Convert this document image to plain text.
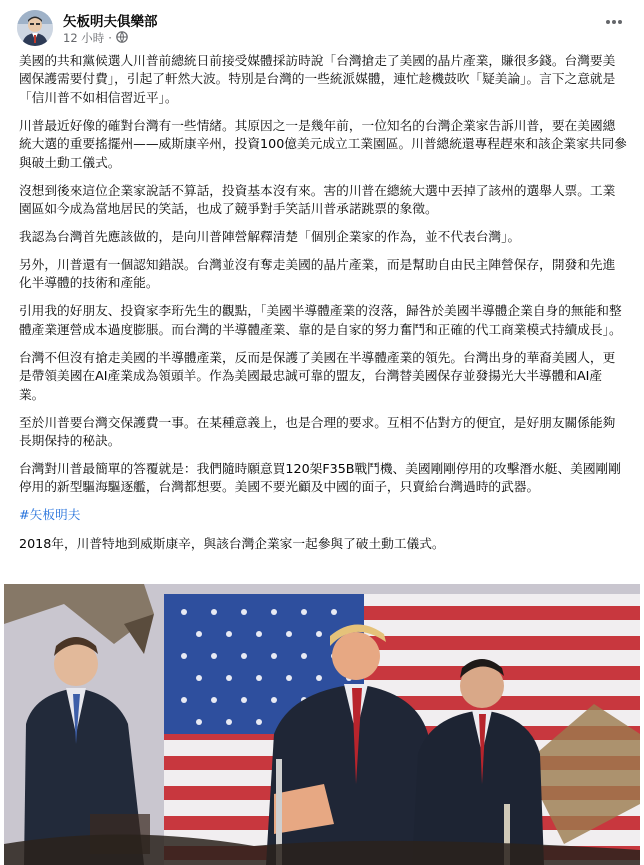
矢板明夫俱樂部
12 小時 ·

美國的共和黨候選人川普前總統日前接受媒體採訪時說「台灣搶走了美國的晶片產業，賺很多錢。台灣要美國保護需要付費」，引起了軒然大波。特別是台灣的一些統派媒體，連忙趁機鼓吹「疑美論」。言下之意就是「信川普不如相信習近平」。

川普最近好像的確對台灣有一些情緒。其原因之一是幾年前，一位知名的台灣企業家告訴川普，要在美國總統大選的重要搖擺州——威斯康辛州，投資100億美元成立工業園區。川普總統還專程趕來和該企業家共同參與破土動工儀式。

沒想到後來這位企業家說話不算話，投資基本沒有來。害的川普在總統大選中丟掉了該州的選舉人票。工業園區如今成為當地居民的笑話，也成了競爭對手笑話川普承諾跳票的象徵。

我認為台灣首先應該做的，是向川普陣營解釋清楚「個別企業家的作為，並不代表台灣」。

另外，川普還有一個認知錯誤。台灣並沒有奪走美國的晶片產業，而是幫助自由民主陣營保存，開發和先進化半導體的技術和產能。

引用我的好朋友、投資家李珩先生的觀點，「美國半導體產業的沒落，歸咎於美國半導體企業自身的無能和整體產業運營成本過度膨脹。而台灣的半導體產業、靠的是自家的努力奮鬥和正確的代工商業模式持續成長」。

台灣不但沒有搶走美國的半導體產業，反而是保護了美國在半導體產業的領先。台灣出身的華裔美國人，更是帶領美國在AI產業成為領頭羊。作為美國最忠誠可靠的盟友，台灣替美國保存並發揚光大半導體和AI產業。

至於川普要台灣交保護費一事。在某種意義上，也是合理的要求。互相不佔對方的便宜，是好朋友關係能夠長期保持的秘訣。

台灣對川普最簡單的答覆就是：我們隨時願意買120架F35B戰鬥機、美國剛剛停用的攻擊潛水艇、美國剛剛停用的新型驅海驅逐艦，台灣都想要。美國不要光顧及中國的面子，只賣給台灣過時的武器。

#矢板明夫

2018年，川普特地到威斯康辛，與該台灣企業家一起參與了破土動工儀式。
